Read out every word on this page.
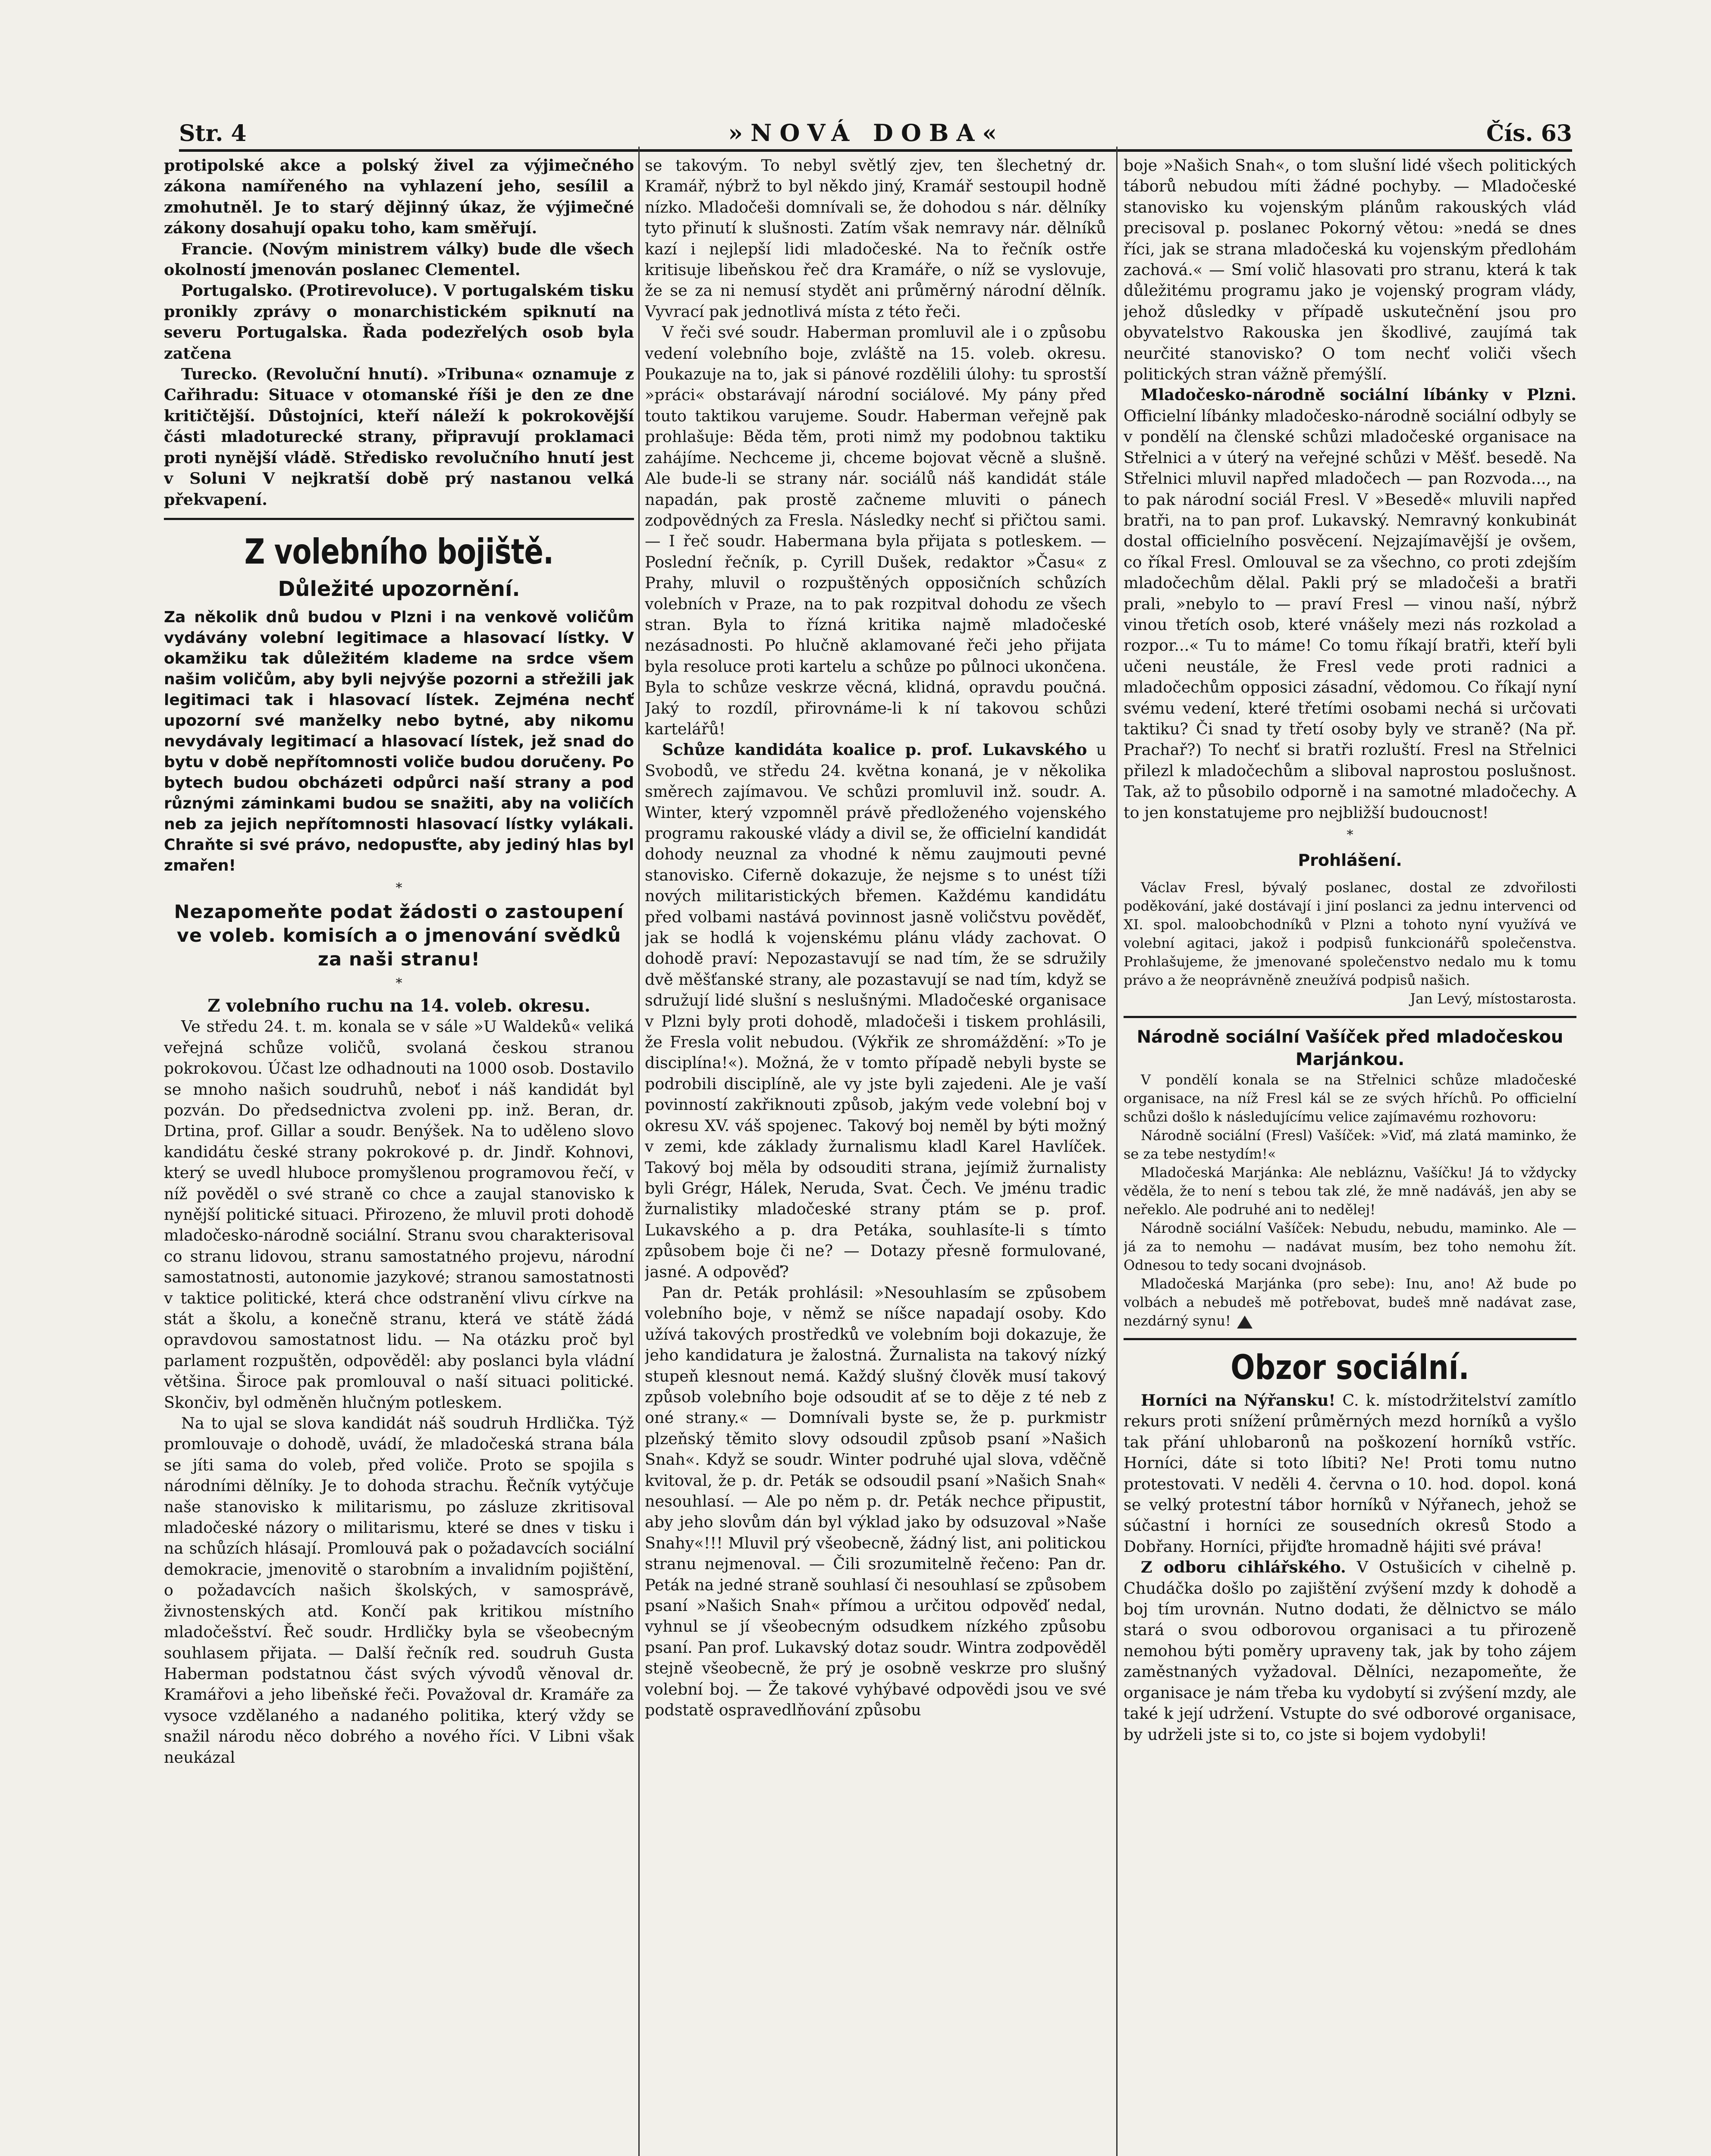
Str. 4	»NOVÁ DOBA«	Čís. 63

protipolské akce a polský živel za výjimečného zákona namířeného na vyhlazení jeho, sesílil a zmohutněl. Je to starý dějinný úkaz, že výjimečné zákony dosahují opaku toho, kam směřují.

Francie. (Novým ministrem války) bude dle všech okolností jmenován poslanec Clementel.

Portugalsko. (Protirevoluce). V portugalském tisku pronikly zprávy o monarchistickém spiknutí na severu Portugalska. Řada podezřelých osob byla zatčena

Turecko. (Revoluční hnutí). »Tribuna« oznamuje z Cařihradu: Situace v otomanské říši je den ze dne kritičtější. Důstojníci, kteří náleží k pokrokovější části mladoturecké strany, připravují proklamaci proti nynější vládě. Středisko revolučního hnutí jest v Soluni V nejkratší době prý nastanou velká překvapení.

Z volebního bojiště.
Důležité upozornění.
Za několik dnů budou v Plzni i na venkově voličům vydávány volební legitimace a hlasovací lístky. V okamžiku tak důležitém klademe na srdce všem našim voličům, aby byli nejvýše pozorni a střežili jak legitimaci tak i hlasovací lístek. Zejména nechť upozorní své manželky nebo bytné, aby nikomu nevydávaly legitimací a hlasovací lístek, jež snad do bytu v době nepřítomnosti voliče budou doručeny. Po bytech budou obcházeti odpůrci naší strany a pod různými záminkami budou se snažiti, aby na voličích neb za jejich nepřítomnosti hlasovací lístky vylákali. Chraňte si své právo, nedopusťte, aby jediný hlas byl zmařen!
*
Nezapomeňte podat žádosti o zastoupení ve voleb. komisích a o jmenování svědků za naši stranu!
*

Z volebního ruchu na 14. voleb. okresu.

Ve středu 24. t. m. konala se v sále »U Waldeků« veliká veřejná schůze voličů, svolaná českou stranou pokrokovou. Účast lze odhadnouti na 1000 osob. Dostavilo se mnoho našich soudruhů, neboť i náš kandidát byl pozván. Do předsednictva zvoleni pp. inž. Beran, dr. Drtina, prof. Gillar a soudr. Benýšek. Na to uděleno slovo kandidátu české strany pokrokové p. dr. Jindř. Kohnovi, který se uvedl hluboce promyšlenou programovou řečí, v níž pověděl o své straně co chce a zaujal stanovisko k nynější politické situaci. Přirozeno, že mluvil proti dohodě mladočesko-národně sociální. Stranu svou charakterisoval co stranu lidovou, stranu samostatného projevu, národní samostatnosti, autonomie jazykové; stranou samostatnosti v taktice politické, která chce odstranění vlivu církve na stát a školu, a konečně stranu, která ve státě žádá opravdovou samostatnost lidu. — Na otázku proč byl parlament rozpuštěn, odpověděl: aby poslanci byla vládní většina. Široce pak promlouval o naší situaci politické. Skončiv, byl odměněn hlučným potleskem.

Na to ujal se slova kandidát náš soudruh Hrdlička. Týž promlouvaje o dohodě, uvádí, že mladočeská strana bála se jíti sama do voleb, před voliče. Proto se spojila s národními dělníky. Je to dohoda strachu. Řečník vytýčuje naše stanovisko k militarismu, po zásluze zkritisoval mladočeské názory o militarismu, které se dnes v tisku i na schůzích hlásají. Promlouvá pak o požadavcích sociální demokracie, jmenovitě o starobním a invalidním pojištění, o požadavcích našich školských, v samosprávě, živnostenských atd. Končí pak kritikou místního mladočešství. Řeč soudr. Hrdličky byla se všeobecným souhlasem přijata. — Další řečník red. soudruh Gusta Haberman podstatnou část svých vývodů věnoval dr. Kramářovi a jeho libeňské řeči. Považoval dr. Kramáře za vysoce vzdělaného a nadaného politika, který vždy se snažil národu něco dobrého a nového říci. V Libni však neukázal

se takovým. To nebyl světlý zjev, ten šlechetný dr. Kramář, nýbrž to byl někdo jiný, Kramář sestoupil hodně nízko. Mladočeši domnívali se, že dohodou s nár. dělníky tyto přinutí k slušnosti. Zatím však nemravy nár. dělníků kazí i nejlepší lidi mladočeské. Na to řečník ostře kritisuje libeňskou řeč dra Kramáře, o níž se vyslovuje, že se za ni nemusí stydět ani průměrný národní dělník. Vyvrací pak jednotlivá místa z této řeči.

V řeči své soudr. Haberman promluvil ale i o způsobu vedení volebního boje, zvláště na 15. voleb. okresu. Poukazuje na to, jak si pánové rozdělili úlohy: tu sprostší »práci« obstarávají národní sociálové. My pány před touto taktikou varujeme. Soudr. Haberman veřejně pak prohlašuje: Běda těm, proti nimž my podobnou taktiku zahájíme. Nechceme ji, chceme bojovat věcně a slušně. Ale bude-li se strany nár. sociálů náš kandidát stále napadán, pak prostě začneme mluviti o pánech zodpovědných za Fresla. Následky nechť si přičtou sami. — I řeč soudr. Habermana byla přijata s potleskem. — Poslední řečník, p. Cyrill Dušek, redaktor »Času« z Prahy, mluvil o rozpuštěných opposičních schůzích volebních v Praze, na to pak rozpitval dohodu ze všech stran. Byla to řízná kritika najmě mladočeské nezásadnosti. Po hlučně aklamované řeči jeho přijata byla resoluce proti kartelu a schůze po půlnoci ukončena. Byla to schůze veskrze věcná, klidná, opravdu poučná. Jaký to rozdíl, přirovnáme-li k ní takovou schůzi kartelářů!

Schůze kandidáta koalice p. prof. Lukavského u Svobodů, ve středu 24. května konaná, je v několika směrech zajímavou. Ve schůzi promluvil inž. soudr. A. Winter, který vzpomněl právě předloženého vojenského programu rakouské vlády a divil se, že officielní kandidát dohody neuznal za vhodné k němu zaujmouti pevné stanovisko. Ciferně dokazuje, že nejsme s to unést tíži nových militaristických břemen. Každému kandidátu před volbami nastává povinnost jasně voličstvu pověděť, jak se hodlá k vojenskému plánu vlády zachovat. O dohodě praví: Nepozastavují se nad tím, že se sdružily dvě měšťanské strany, ale pozastavují se nad tím, když se sdružují lidé slušní s neslušnými. Mladočeské organisace v Plzni byly proti dohodě, mladočeši i tiskem prohlásili, že Fresla volit nebudou. (Výkřik ze shromáždění: »To je disciplína!«). Možná, že v tomto případě nebyli byste se podrobili disciplíně, ale vy jste byli zajedeni. Ale je vaší povinností zakřiknouti způsob, jakým vede volební boj v okresu XV. váš spojenec. Takový boj neměl by býti možný v zemi, kde základy žurnalismu kladl Karel Havlíček. Takový boj měla by odsouditi strana, jejímiž žurnalisty byli Grégr, Hálek, Neruda, Svat. Čech. Ve jménu tradic žurnalistiky mladočeské strany ptám se p. prof. Lukavského a p. dra Petáka, souhlasíte-li s tímto způsobem boje či ne? — Dotazy přesně formulované, jasné. A odpověď?

Pan dr. Peták prohlásil: »Nesouhlasím se způsobem volebního boje, v němž se níšce napadají osoby. Kdo užívá takových prostředků ve volebním boji dokazuje, že jeho kandidatura je žalostná. Žurnalista na takový nízký stupeň klesnout nemá. Každý slušný člověk musí takový způsob volebního boje odsoudit ať se to děje z té neb z oné strany.« — Domnívali byste se, že p. purkmistr plzeňský těmito slovy odsoudil způsob psaní »Našich Snah«. Když se soudr. Winter podruhé ujal slova, vděčně kvitoval, že p. dr. Peták se odsoudil psaní »Našich Snah« nesouhlasí. — Ale po něm p. dr. Peták nechce připustit, aby jeho slovům dán byl výklad jako by odsuzoval »Naše Snahy«!!! Mluvil prý všeobecně, žádný list, ani politickou stranu nejmenoval. — Čili srozumitelně řečeno: Pan dr. Peták na jedné straně souhlasí či nesouhlasí se způsobem psaní »Našich Snah« přímou a určitou odpověď nedal, vyhnul se jí všeobecným odsudkem nízkého způsobu psaní. Pan prof. Lukavský dotaz soudr. Wintra zodpověděl stejně všeobecně, že prý je osobně veskrze pro slušný volební boj. — Že takové vyhýbavé odpovědi jsou ve své podstatě ospravedlňování způsobu

boje »Našich Snah«, o tom slušní lidé všech politických táborů nebudou míti žádné pochyby. — Mladočeské stanovisko ku vojenským plánům rakouských vlád precisoval p. poslanec Pokorný větou: »nedá se dnes říci, jak se strana mladočeská ku vojenským předlohám zachová.« — Smí volič hlasovati pro stranu, která k tak důležitému programu jako je vojenský program vlády, jehož důsledky v případě uskutečnění jsou pro obyvatelstvo Rakouska jen škodlivé, zaujímá tak neurčité stanovisko? O tom nechť voliči všech politických stran vážně přemýšlí.

Mladočesko-národně sociální líbánky v Plzni. Officielní líbánky mladočesko-národně sociální odbyly se v pondělí na členské schůzi mladočeské organisace na Střelnici a v úterý na veřejné schůzi v Měšť. besedě. Na Střelnici mluvil napřed mladočech — pan Rozvoda..., na to pak národní sociál Fresl. V »Besedě« mluvili napřed bratři, na to pan prof. Lukavský. Nemravný konkubinát dostal officielního posvěcení. Nejzajímavější je ovšem, co říkal Fresl. Omlouval se za všechno, co proti zdejším mladočechům dělal. Pakli prý se mladočeši a bratři prali, »nebylo to — praví Fresl — vinou naší, nýbrž vinou třetích osob, které vnášely mezi nás rozkolad a rozpor...« Tu to máme! Co tomu říkají bratři, kteří byli učeni neustále, že Fresl vede proti radnici a mladočechům opposici zásadní, vědomou. Co říkají nyní svému vedení, které třetími osobami nechá si určovati taktiku? Či snad ty třetí osoby byly ve straně? (Na př. Prachař?) To nechť si bratři rozluští. Fresl na Střelnici přilezl k mladočechům a sliboval naprostou poslušnost. Tak, až to působilo odporně i na samotné mladočechy. A to jen konstatujeme pro nejbližší budoucnost!

*
Prohlášení.

Václav Fresl, bývalý poslanec, dostal ze zdvořilosti poděkování, jaké dostávají i jiní poslanci za jednu intervenci od XI. spol. maloobchodníků v Plzni a tohoto nyní využívá ve volební agitaci, jakož i podpisů funkcionářů společenstva. Prohlašujeme, že jmenované společenstvo nedalo mu k tomu právo a že neoprávněně zneužívá podpisů našich.

Jan Levý, místostarosta.

Národně sociální Vašíček před mladočeskou Marjánkou.

V pondělí konala se na Střelnici schůze mladočeské organisace, na níž Fresl kál se ze svých hříchů. Po officielní schůzi došlo k následujícímu velice zajímavému rozhovoru:

Národně sociální (Fresl) Vašíček: »Viď, má zlatá maminko, že se za tebe nestydím!«

Mladočeská Marjánka: Ale nebláznu, Vašíčku! Já to vždycky věděla, že to není s tebou tak zlé, že mně nadáváš, jen aby se neřeklo. Ale podruhé ani to nedělej!

Národně sociální Vašíček: Nebudu, nebudu, maminko. Ale — já za to nemohu — nadávat musím, bez toho nemohu žít. Odnesou to tedy socani dvojnásob.

Mladočeská Marjánka (pro sebe): Inu, ano! Až bude po volbách a nebudeš mě potřebovat, budeš mně nadávat zase, nezdárný synu!

Obzor sociální.

Horníci na Nýřansku! C. k. místodržitelství zamítlo rekurs proti snížení průměrných mezd horníků a vyšlo tak přání uhlobaronů na poškození horníků vstříc. Horníci, dáte si toto líbiti? Ne! Proti tomu nutno protestovati. V neděli 4. června o 10. hod. dopol. koná se velký protestní tábor horníků v Nýřanech, jehož se súčastní i horníci ze sousedních okresů Stodo a Dobřany. Horníci, přijďte hromadně hájiti své práva!

Z odboru cihlářského. V Ostušicích v cihelně p. Chudáčka došlo po zajištění zvýšení mzdy k dohodě a boj tím urovnán. Nutno dodati, že dělnictvo se málo stará o svou odborovou organisaci a tu přirozeně nemohou býti poměry upraveny tak, jak by toho zájem zaměstnaných vyžadoval. Dělníci, nezapomeňte, že organisace je nám třeba ku vydobytí si zvýšení mzdy, ale také k její udržení. Vstupte do své odborové organisace, by udrželi jste si to, co jste si bojem vydobyli!
